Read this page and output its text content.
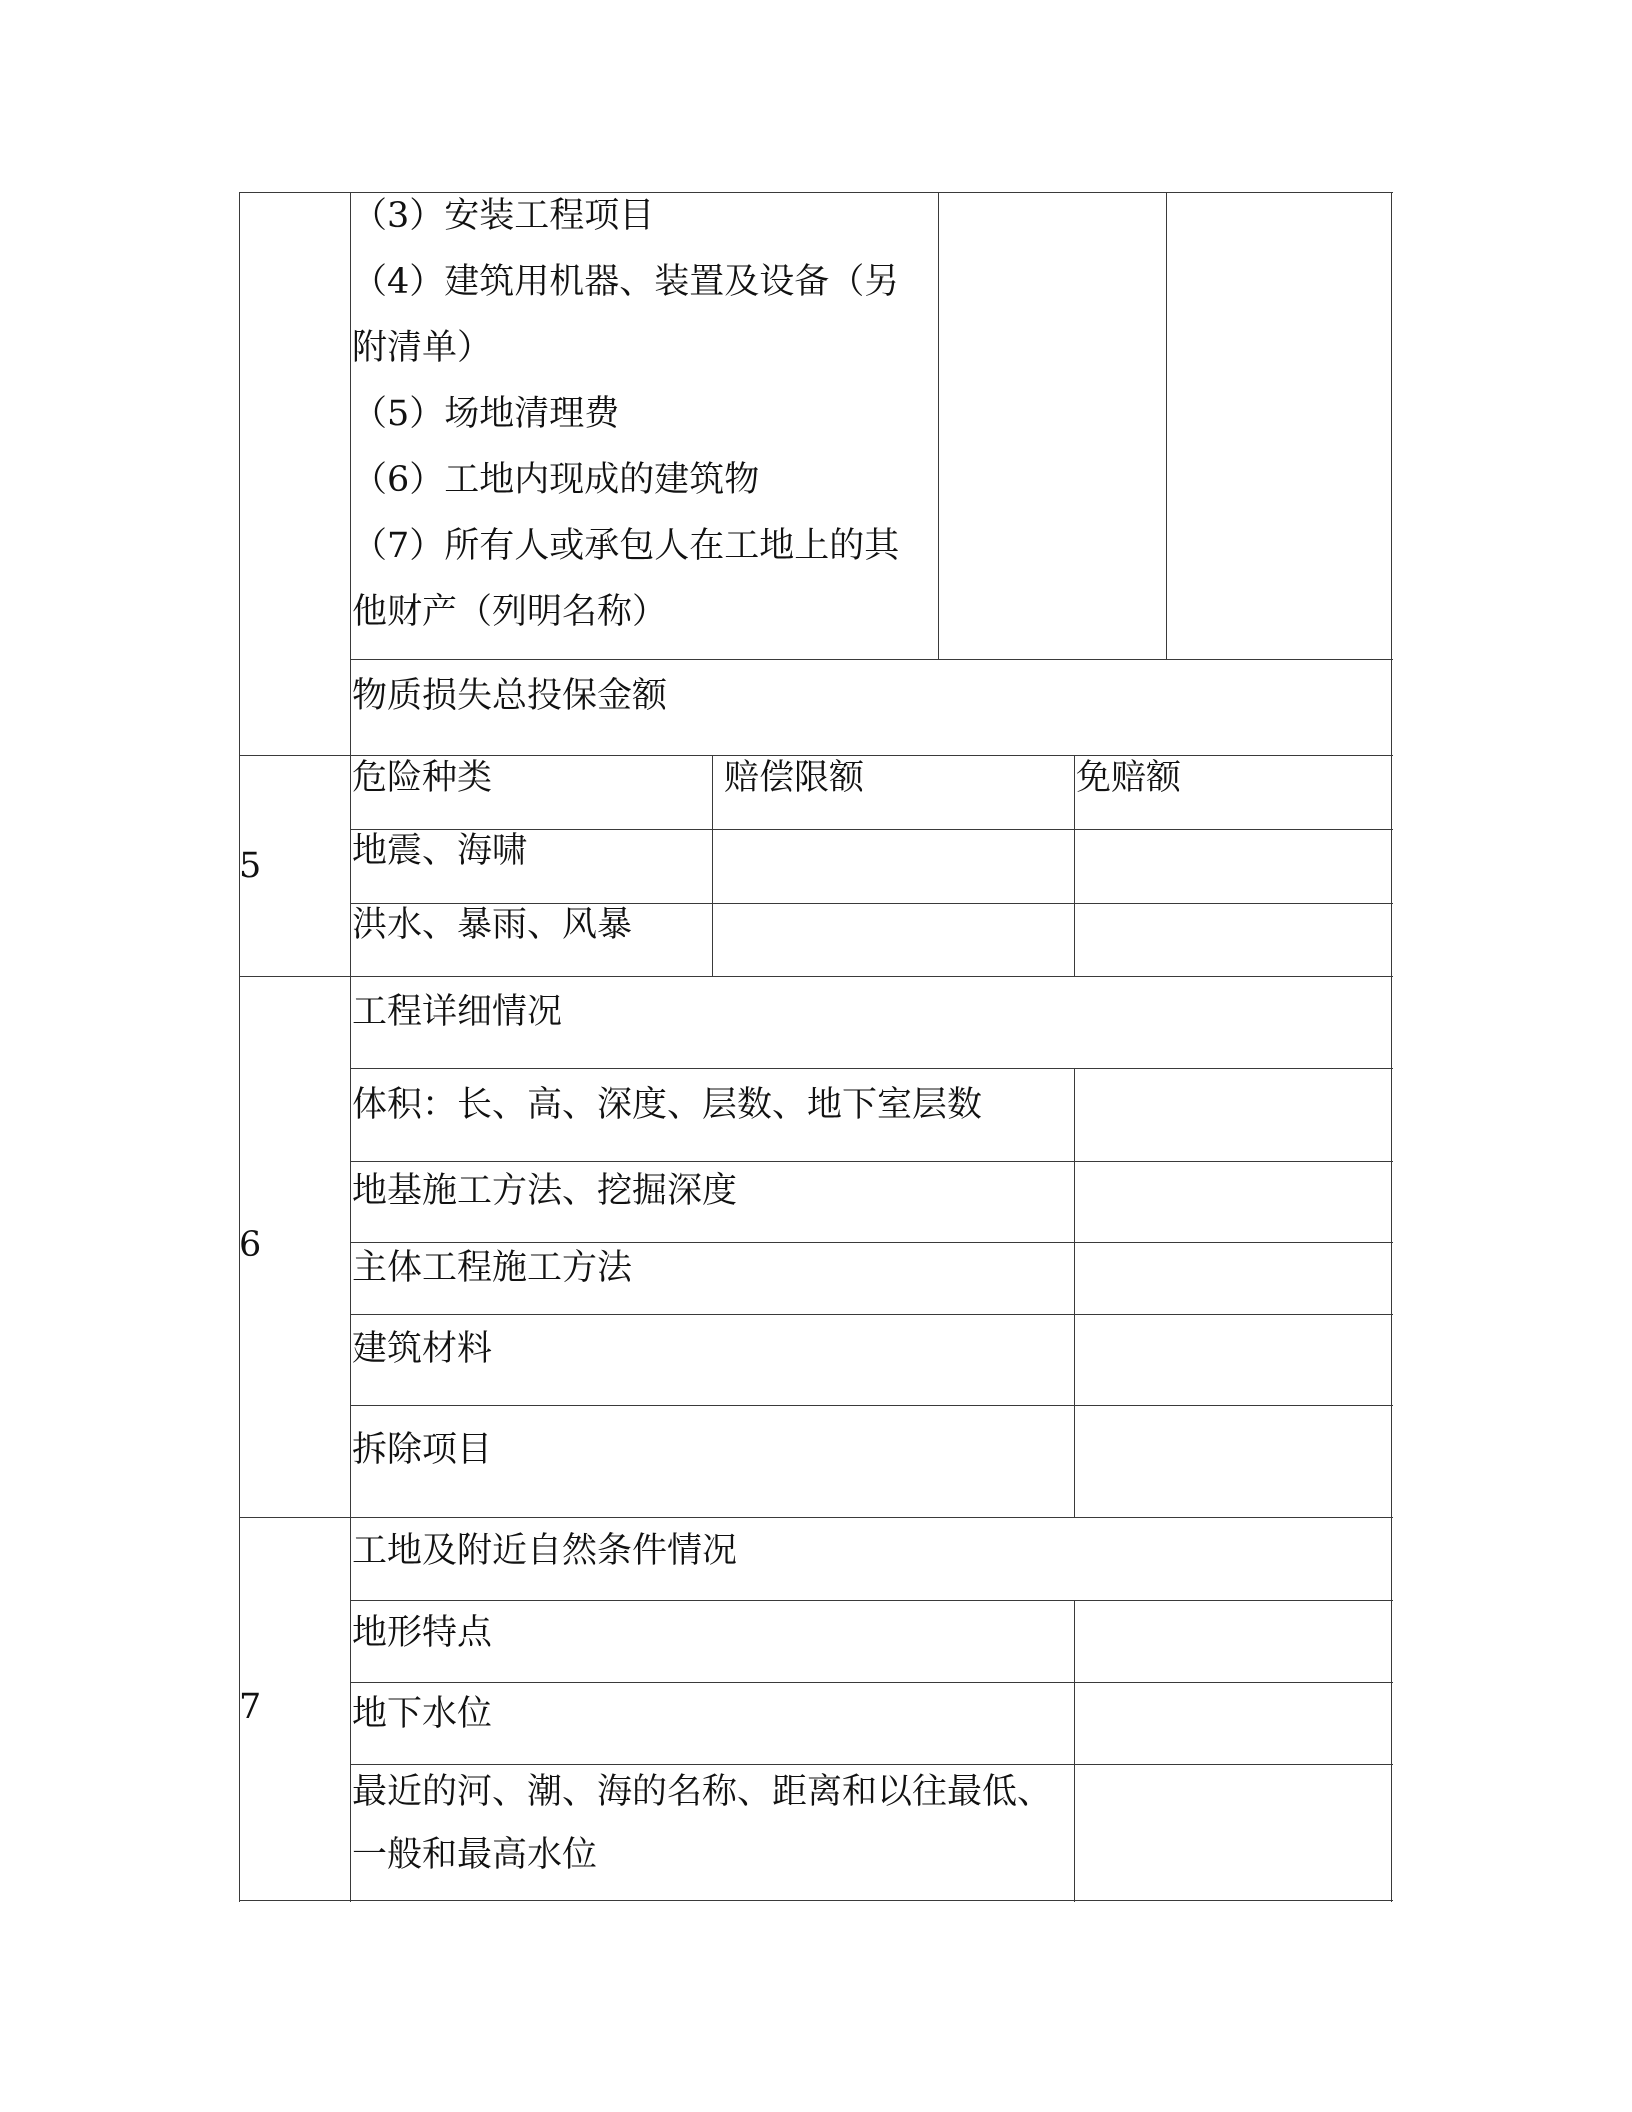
（3）安装工程项目
（4）建筑用机器、装置及设备（另
附清单）
（5）场地清理费
（6）工地内现成的建筑物
（7）所有人或承包人在工地上的其
他财产（列明名称）
物质损失总投保金额
5
危险种类	赔偿限额	免赔额
地震、海啸
洪水、暴雨、风暴
6
工程详细情况
体积：长、高、深度、层数、地下室层数
地基施工方法、挖掘深度
主体工程施工方法
建筑材料
拆除项目
7
工地及附近自然条件情况
地形特点
地下水位
最近的河、潮、海的名称、距离和以往最低、
一般和最高水位
